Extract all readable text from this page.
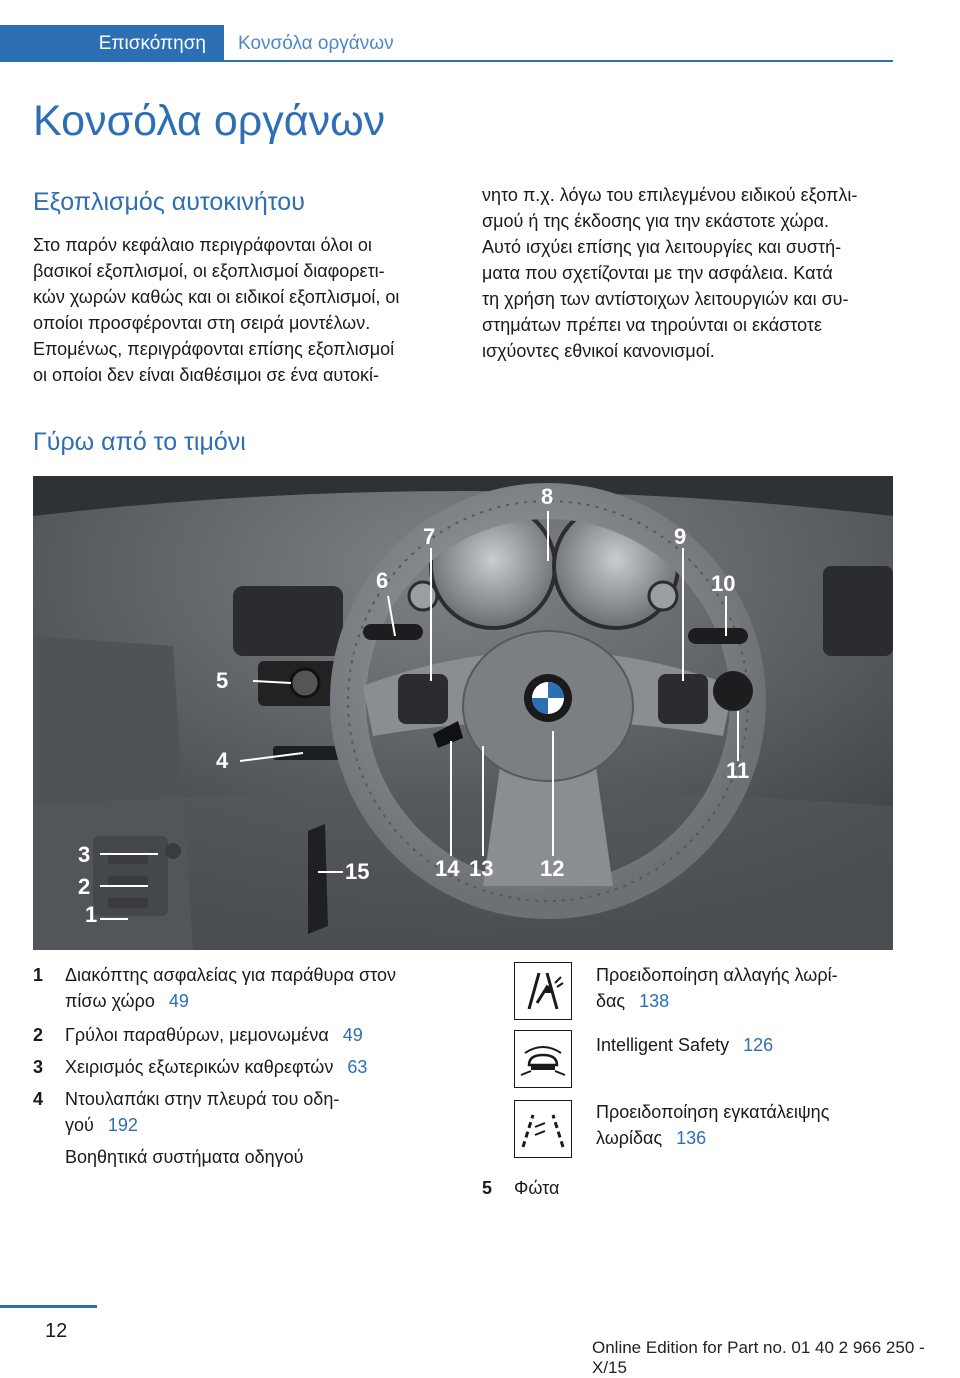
Επισκόπηση	Κονσόλα οργάνων
Κονσόλα οργάνων
Εξοπλισμός αυτοκινήτου
Στο παρόν κεφάλαιο περιγράφονται όλοι οι
βασικοί εξοπλισμοί, οι εξοπλισμοί διαφορετι-
κών χωρών καθώς και οι ειδικοί εξοπλισμοί, οι
οποίοι προσφέρονται στη σειρά μοντέλων.
Επομένως, περιγράφονται επίσης εξοπλισμοί
οι οποίοι δεν είναι διαθέσιμοι σε ένα αυτοκί-
νητο π.χ. λόγω του επιλεγμένου ειδικού εξοπλι-
σμού ή της έκδοσης για την εκάστοτε χώρα.
Αυτό ισχύει επίσης για λειτουργίες και συστή-
ματα που σχετίζονται με την ασφάλεια. Κατά
τη χρήση των αντίστοιχων λειτουργιών και συ-
στημάτων πρέπει να τηρούνται οι εκάστοτε
ισχύοντες εθνικοί κανονισμοί.
Γύρω από το τιμόνι
1
2
3
4
5
6
7
8
9
10
11
12
13
14
15
1 Διακόπτης ασφαλείας για παράθυρα στον
πίσω χώρο 49
2 Γρύλοι παραθύρων, μεμονωμένα 49
3 Χειρισμός εξωτερικών καθρεφτών 63
4 Ντουλαπάκι στην πλευρά του οδη-
γού 192
Βοηθητικά συστήματα οδηγού
Προειδοποίηση αλλαγής λωρί-
δας 138
Intelligent Safety 126
Προειδοποίηση εγκατάλειψης
λωρίδας 136
5 Φώτα
12
Online Edition for Part no. 01 40 2 966 250 - X/15
